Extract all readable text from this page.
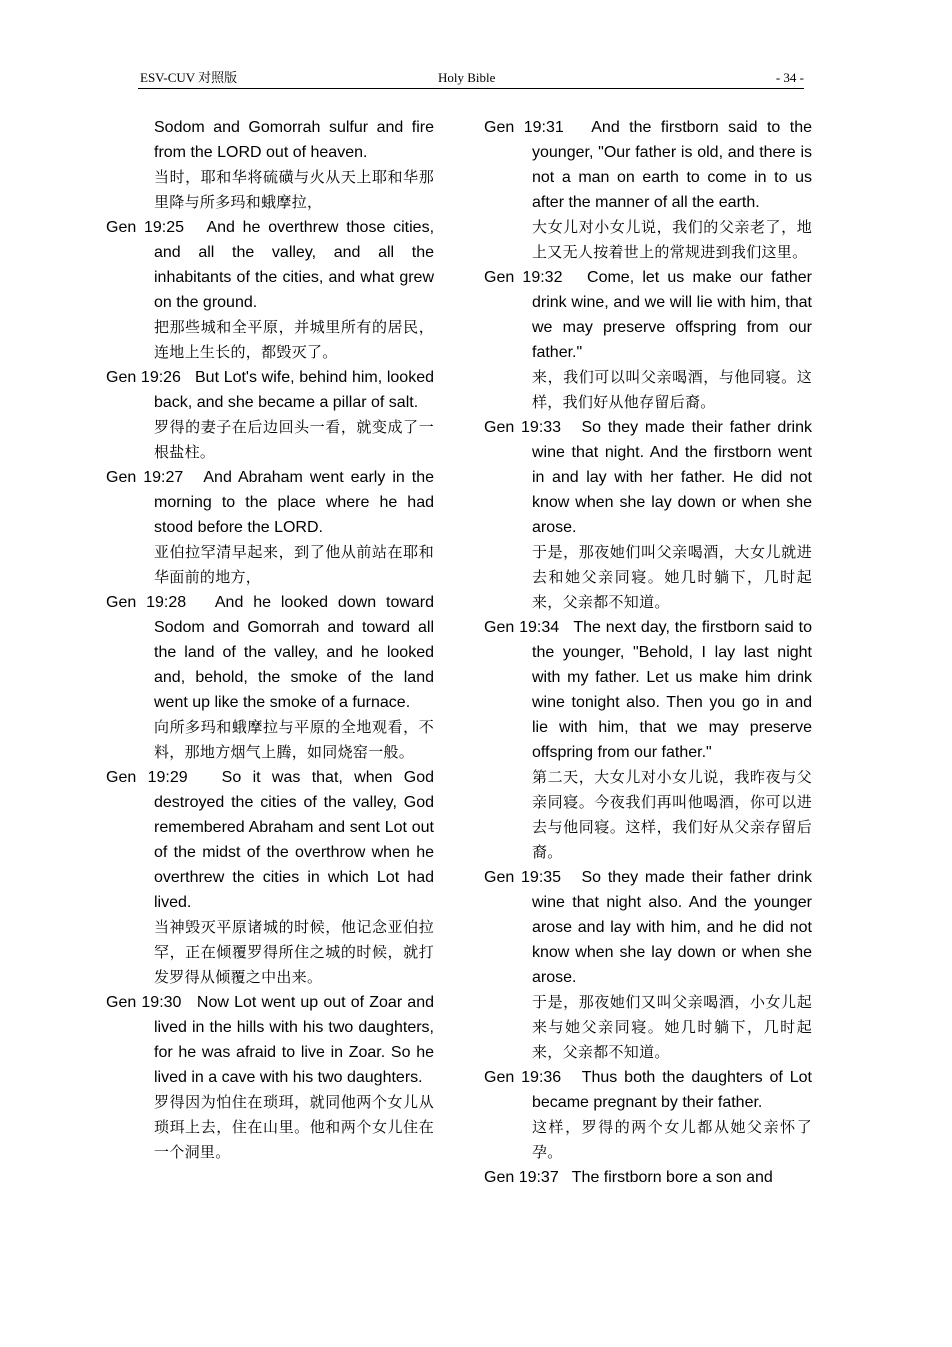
ESV-CUV 对照版	Holy Bible	- 34 -

Sodom and Gomorrah sulfur and fire from the LORD out of heaven.

当时，耶和华将硫磺与火从天上耶和华那里降与所多玛和蛾摩拉，

Gen 19:25 And he overthrew those cities, and all the valley, and all the inhabitants of the cities, and what grew on the ground.

把那些城和全平原，并城里所有的居民，连地上生长的，都毁灭了。

Gen 19:26 But Lot's wife, behind him, looked back, and she became a pillar of salt.

罗得的妻子在后边回头一看，就变成了一根盐柱。

Gen 19:27 And Abraham went early in the morning to the place where he had stood before the LORD.

亚伯拉罕清早起来，到了他从前站在耶和华面前的地方，

Gen 19:28 And he looked down toward Sodom and Gomorrah and toward all the land of the valley, and he looked and, behold, the smoke of the land went up like the smoke of a furnace.

向所多玛和蛾摩拉与平原的全地观看，不料，那地方烟气上腾，如同烧窑一般。

Gen 19:29 So it was that, when God destroyed the cities of the valley, God remembered Abraham and sent Lot out of the midst of the overthrow when he overthrew the cities in which Lot had lived.

当神毁灭平原诸城的时候，他记念亚伯拉罕，正在倾覆罗得所住之城的时候，就打发罗得从倾覆之中出来。

Gen 19:30 Now Lot went up out of Zoar and lived in the hills with his two daughters, for he was afraid to live in Zoar. So he lived in a cave with his two daughters.

罗得因为怕住在琐珥，就同他两个女儿从琐珥上去，住在山里。他和两个女儿住在一个洞里。

Gen 19:31 And the firstborn said to the younger, "Our father is old, and there is not a man on earth to come in to us after the manner of all the earth.

大女儿对小女儿说，我们的父亲老了，地上又无人按着世上的常规进到我们这里。

Gen 19:32 Come, let us make our father drink wine, and we will lie with him, that we may preserve offspring from our father."

来，我们可以叫父亲喝酒，与他同寝。这样，我们好从他存留后裔。

Gen 19:33 So they made their father drink wine that night. And the firstborn went in and lay with her father. He did not know when she lay down or when she arose.

于是，那夜她们叫父亲喝酒，大女儿就进去和她父亲同寝。她几时躺下，几时起来，父亲都不知道。

Gen 19:34 The next day, the firstborn said to the younger, "Behold, I lay last night with my father. Let us make him drink wine tonight also. Then you go in and lie with him, that we may preserve offspring from our father."

第二天，大女儿对小女儿说，我昨夜与父亲同寝。今夜我们再叫他喝酒，你可以进去与他同寝。这样，我们好从父亲存留后裔。

Gen 19:35 So they made their father drink wine that night also. And the younger arose and lay with him, and he did not know when she lay down or when she arose.

于是，那夜她们又叫父亲喝酒，小女儿起来与她父亲同寝。她几时躺下，几时起来，父亲都不知道。

Gen 19:36 Thus both the daughters of Lot became pregnant by their father.

这样，罗得的两个女儿都从她父亲怀了孕。

Gen 19:37 The firstborn bore a son and
